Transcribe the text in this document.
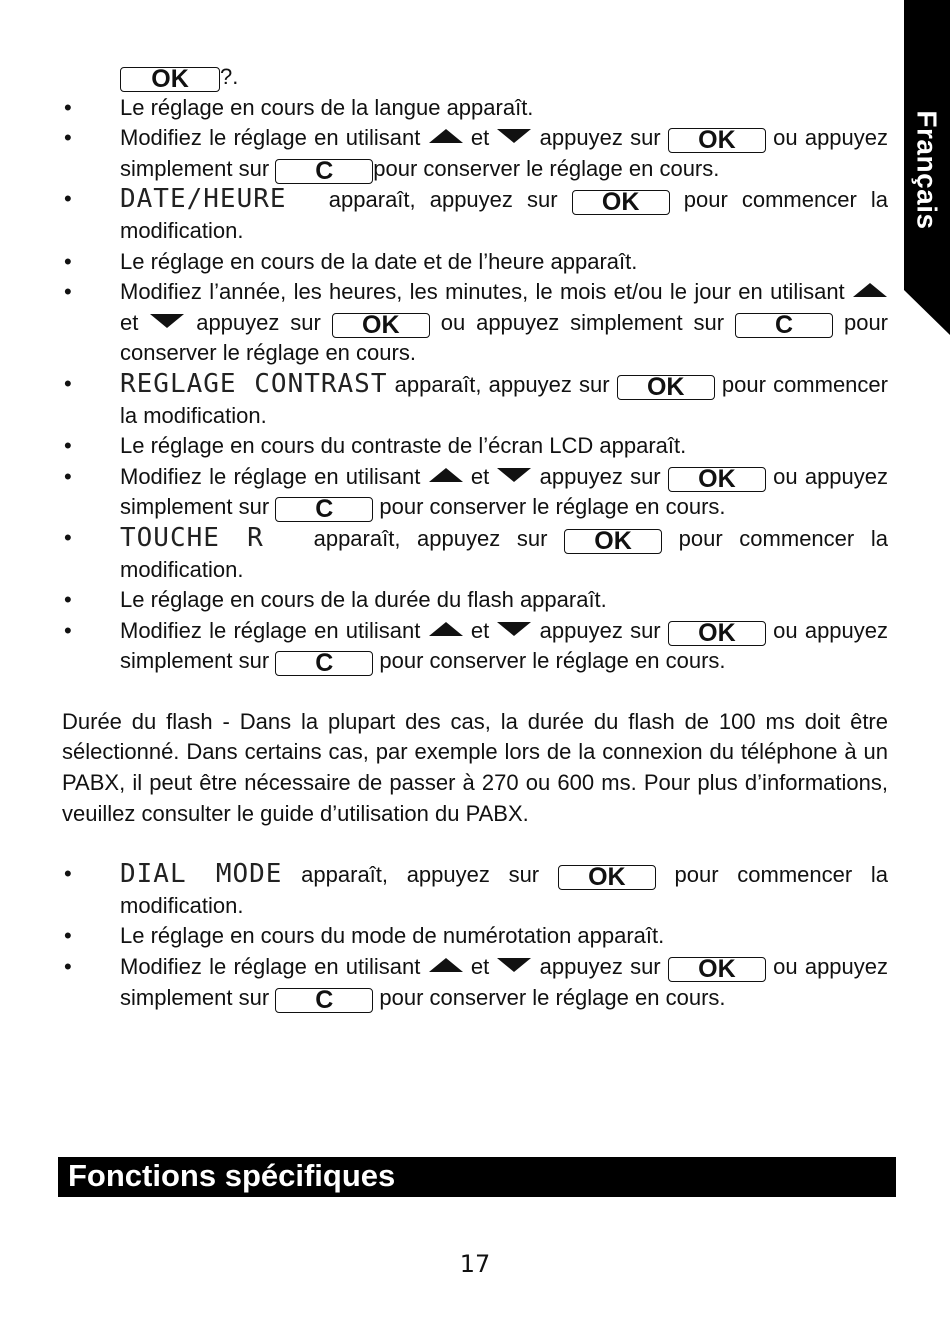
Français
OK ?.
•	Le réglage en cours de la langue apparaît.
•	Modifiez le réglage en utilisant et appuyez sur OK ou appuyez simplement sur C pour conserver le réglage en cours.
•	DATE/HEURE apparaît, appuyez sur OK pour commencer la modification.
•	Le réglage en cours de la date et de l’heure apparaît.
•	Modifiez l’année, les heures, les minutes, le mois et/ou le jour en utilisant  et	appuyez sur OK ou appuyez simplement sur C pour conserver le réglage en cours.
•	REGLAGE CONTRAST apparaît, appuyez sur OK pour commencer la modification.
•	Le réglage en cours du contraste de l’écran LCD apparaît.
•	Modifiez le réglage en utilisant et appuyez sur OK ou appuyez simplement sur C pour conserver le réglage en cours.
•	TOUCHE R apparaît, appuyez sur OK pour commencer la modification.
•	Le réglage en cours de la durée du flash apparaît.
•	Modifiez le réglage en utilisant et appuyez sur OK ou appuyez simplement sur C pour conserver le réglage en cours.
Durée du flash - Dans la plupart des cas, la durée du flash de 100 ms doit être sélectionné. Dans certains cas, par exemple lors de la connexion du téléphone à un PABX, il peut être nécessaire de passer à 270 ou 600 ms. Pour plus d’informations, veuillez consulter le guide d’utilisation du PABX.
•	DIAL MODE apparaît, appuyez sur OK pour commencer la modification.
•	Le réglage en cours du mode de numérotation apparaît.
•	Modifiez le réglage en utilisant et appuyez sur OK ou appuyez simplement sur C pour conserver le réglage en cours.
Fonctions spécifiques
17
